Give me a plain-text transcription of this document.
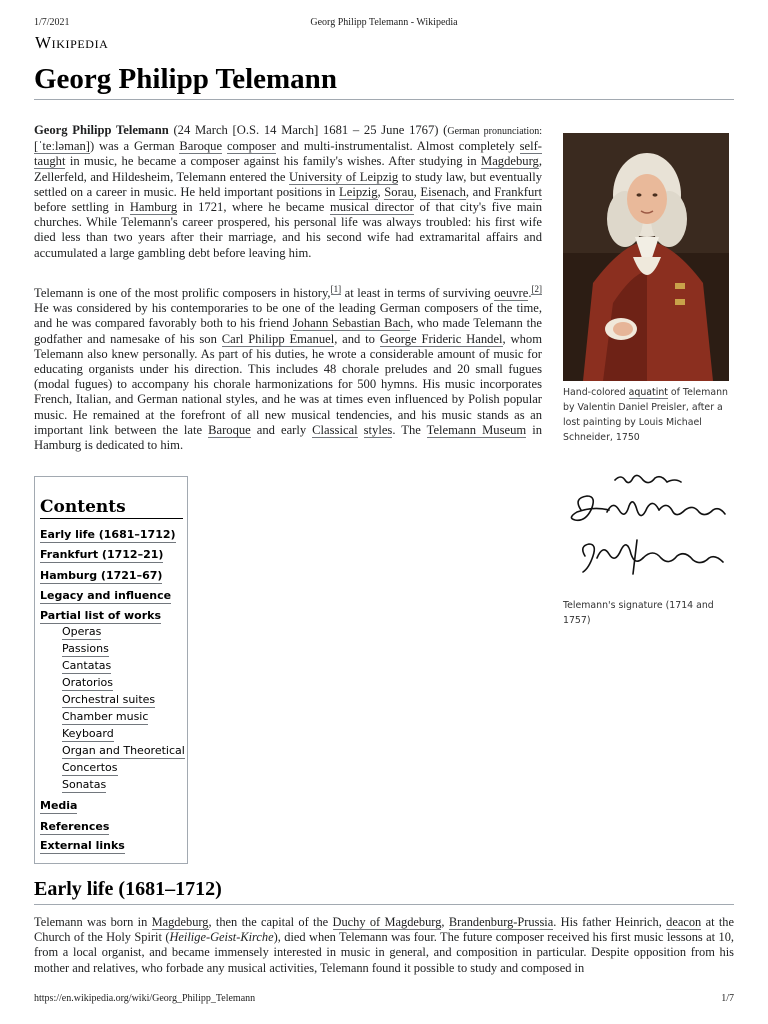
1/7/2021	Georg Philipp Telemann - Wikipedia
Wikipedia
Georg Philipp Telemann

Georg Philipp Telemann (24 March [O.S. 14 March] 1681 – 25 June 1767) (German pronunciation: [ˈteːləman]) was a German Baroque composer and multi-instrumentalist. Almost completely self-taught in music, he became a composer against his family's wishes. After studying in Magdeburg, Zellerfeld, and Hildesheim, Telemann entered the University of Leipzig to study law, but eventually settled on a career in music. He held important positions in Leipzig, Sorau, Eisenach, and Frankfurt before settling in Hamburg in 1721, where he became musical director of that city's five main churches. While Telemann's career prospered, his personal life was always troubled: his first wife died less than two years after their marriage, and his second wife had extramarital affairs and accumulated a large gambling debt before leaving him.

Telemann is one of the most prolific composers in history,[1] at least in terms of surviving oeuvre.[2] He was considered by his contemporaries to be one of the leading German composers of the time, and he was compared favorably both to his friend Johann Sebastian Bach, who made Telemann the godfather and namesake of his son Carl Philipp Emanuel, and to George Frideric Handel, whom Telemann also knew personally. As part of his duties, he wrote a considerable amount of music for educating organists under his direction. This includes 48 chorale preludes and 20 small fugues (modal fugues) to accompany his chorale harmonizations for 500 hymns. His music incorporates French, Italian, and German national styles, and he was at times even influenced by Polish popular music. He remained at the forefront of all new musical tendencies, and his music stands as an important link between the late Baroque and early Classical styles. The Telemann Museum in Hamburg is dedicated to him.

Hand-colored aquatint of Telemann by Valentin Daniel Preisler, after a lost painting by Louis Michael Schneider, 1750
Telemann's signature (1714 and 1757)
Contents
Early life (1681–1712)
Frankfurt (1712–21)
Hamburg (1721–67)
Legacy and influence
Partial list of works
Operas
Passions
Cantatas
Oratorios
Orchestral suites
Chamber music
Keyboard
Organ and Theoretical
Concertos
Sonatas
Media
References
External links
Early life (1681–1712)

Telemann was born in Magdeburg, then the capital of the Duchy of Magdeburg, Brandenburg-Prussia. His father Heinrich, deacon at the Church of the Holy Spirit (Heilige-Geist-Kirche), died when Telemann was four. The future composer received his first music lessons at 10, from a local organist, and became immensely interested in music in general, and composition in particular. Despite opposition from his mother and relatives, who forbade any musical activities, Telemann found it possible to study and composed in

https://en.wikipedia.org/wiki/Georg_Philipp_Telemann	1/7
